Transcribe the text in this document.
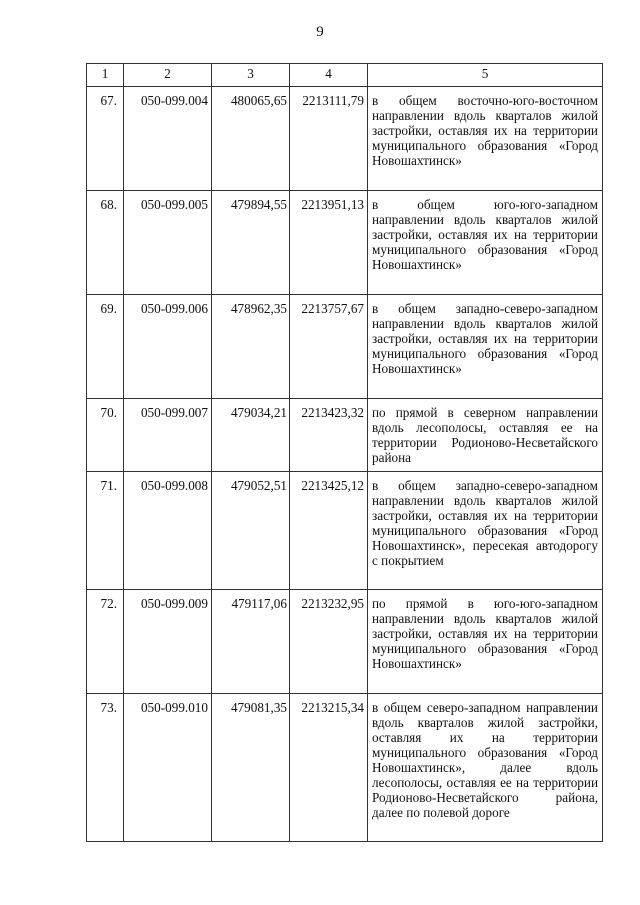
9
1	2	3	4	5
67.	050-099.004	480065,65	2213111,79	в общем восточно-юго-восточном направлении вдоль кварталов жилой застройки, оставляя их на территории муниципального образования «Город Новошахтинск»
68.	050-099.005	479894,55	2213951,13	в общем юго-юго-западном направлении вдоль кварталов жилой застройки, оставляя их на территории муниципального образования «Город Новошахтинск»
69.	050-099.006	478962,35	2213757,67	в общем западно-северо-западном направлении вдоль кварталов жилой застройки, оставляя их на территории муниципального образования «Город Новошахтинск»
70.	050-099.007	479034,21	2213423,32	по прямой в северном направлении вдоль лесополосы, оставляя ее на территории Родионово-Несветайского района
71.	050-099.008	479052,51	2213425,12	в общем западно-северо-западном направлении вдоль кварталов жилой застройки, оставляя их на территории муниципального образования «Город Новошахтинск», пересекая автодорогу с покрытием
72.	050-099.009	479117,06	2213232,95	по прямой в юго-юго-западном направлении вдоль кварталов жилой застройки, оставляя их на территории муниципального образования «Город Новошахтинск»
73.	050-099.010	479081,35	2213215,34	в общем северо-западном направлении вдоль кварталов жилой застройки, оставляя их на территории муниципального образования «Город Новошахтинск», далее вдоль лесополосы, оставляя ее на территории Родионово-Несветайского района, далее по полевой дороге
